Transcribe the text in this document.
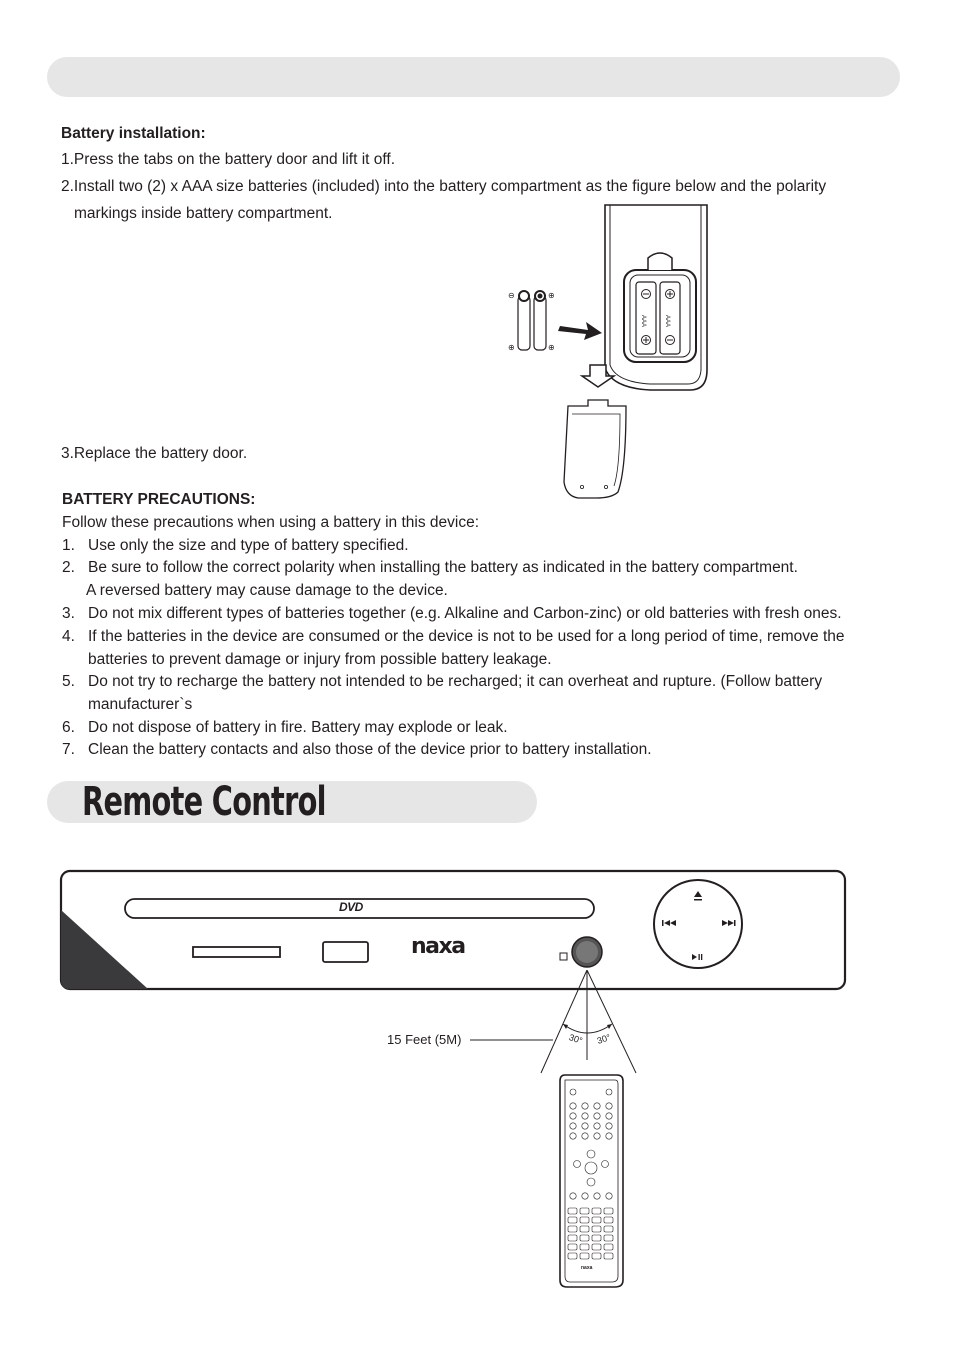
Battery installation:
1.Press the tabs on the battery door and lift it off.
2.Install two (2) x AAA size batteries (included) into the battery compartment as the figure below and the polarity
markings inside battery compartment.
3.Replace the battery door.
AAA	AAA
⊖	⊕
⊕	⊕
BATTERY PRECAUTIONS:
Follow these precautions when using a battery in this device:
1. Use only the size and type of battery specified.
2. Be sure to follow the correct polarity when installing the battery as indicated in the battery compartment.
A reversed battery may cause damage to the device.
3. Do not mix different types of batteries together (e.g. Alkaline and Carbon-zinc) or old batteries with fresh ones.
4. If the batteries in the device are consumed or the device is not to be used for a long period of time, remove the
batteries to prevent damage or injury from possible battery leakage.
5. Do not try to recharge the battery not intended to be recharged; it can overheat and rupture. (Follow battery
manufacturer`s
6. Do not dispose of battery in fire. Battery may explode or leak.
7. Clean the battery contacts and also those of the device prior to battery installation.
Remote Control
DVD
naxa
15 Feet (5M)	30° 30°
naxa
